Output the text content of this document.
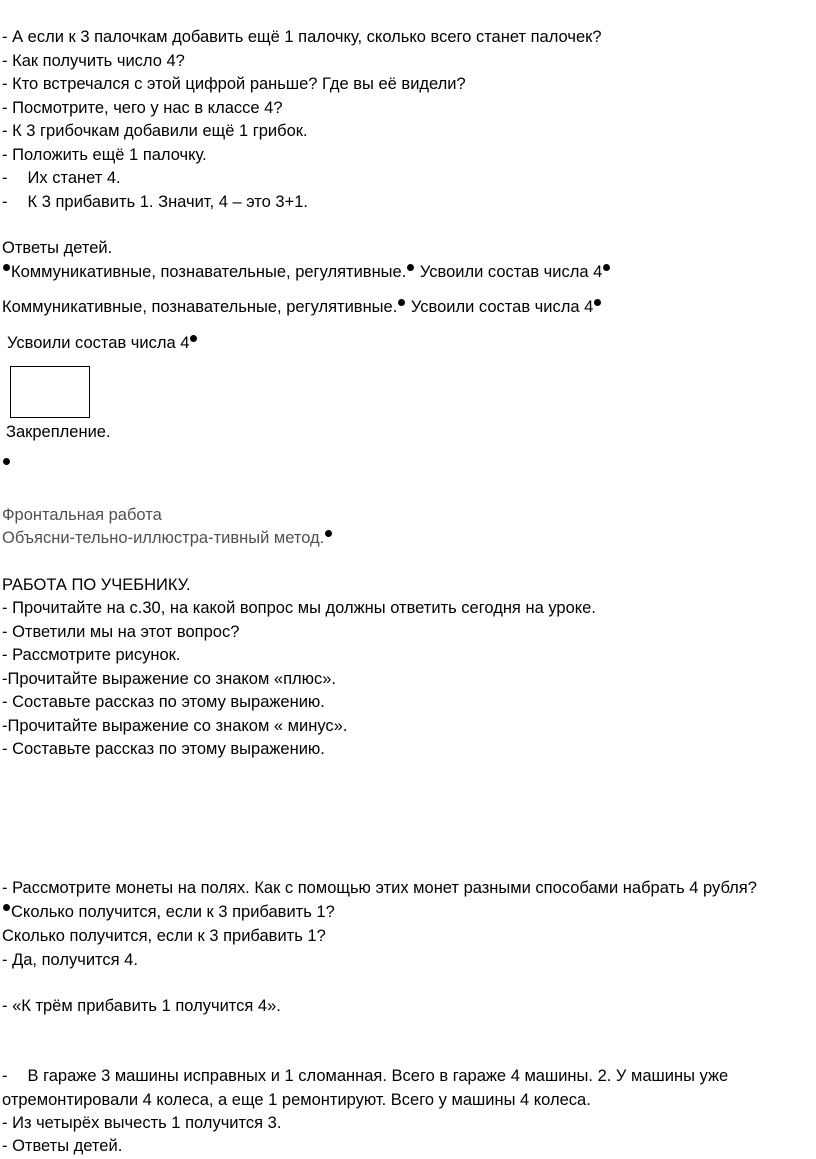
- А если к 3 палочкам добавить ещё 1 палочку, сколько всего станет палочек?
- Как получить число 4?
- Кто встречался с этой цифрой раньше? Где вы её видели?
- Посмотрите, чего у нас в классе 4?
- К 3 грибочкам добавили ещё 1 грибок.
- Положить ещё 1 палочку.
- Их станет 4.
- К 3 прибавить 1. Значит, 4 – это 3+1.
Ответы детей.
Коммуникативные, познавательные, регулятивные. Усвоили состав числа 4
Коммуникативные, познавательные, регулятивные. Усвоили состав числа 4
Усвоили состав числа 4
Закрепление.
Фронтальная работа
Объясни-тельно-иллюстра-тивный метод.
РАБОТА ПО УЧЕБНИКУ.
- Прочитайте на с.30, на какой вопрос мы должны ответить сегодня на уроке.
- Ответили мы на этот вопрос?
- Рассмотрите рисунок.
-Прочитайте выражение со знаком «плюс».
- Составьте рассказ по этому выражению.
-Прочитайте выражение со знаком « минус».
- Составьте рассказ по этому выражению.
- Рассмотрите монеты на полях. Как с помощью этих монет разными способами набрать 4 рубля?
Сколько получится, если к 3 прибавить 1?
Сколько получится, если к 3 прибавить 1?
- Да, получится 4.
- «К трём прибавить 1 получится 4».
- В гараже 3 машины исправных и 1 сломанная. Всего в гараже 4 машины. 2. У машины уже
отремонтировали 4 колеса, а еще 1 ремонтируют. Всего у машины 4 колеса.
- Из четырёх вычесть 1 получится 3.
- Ответы детей.
